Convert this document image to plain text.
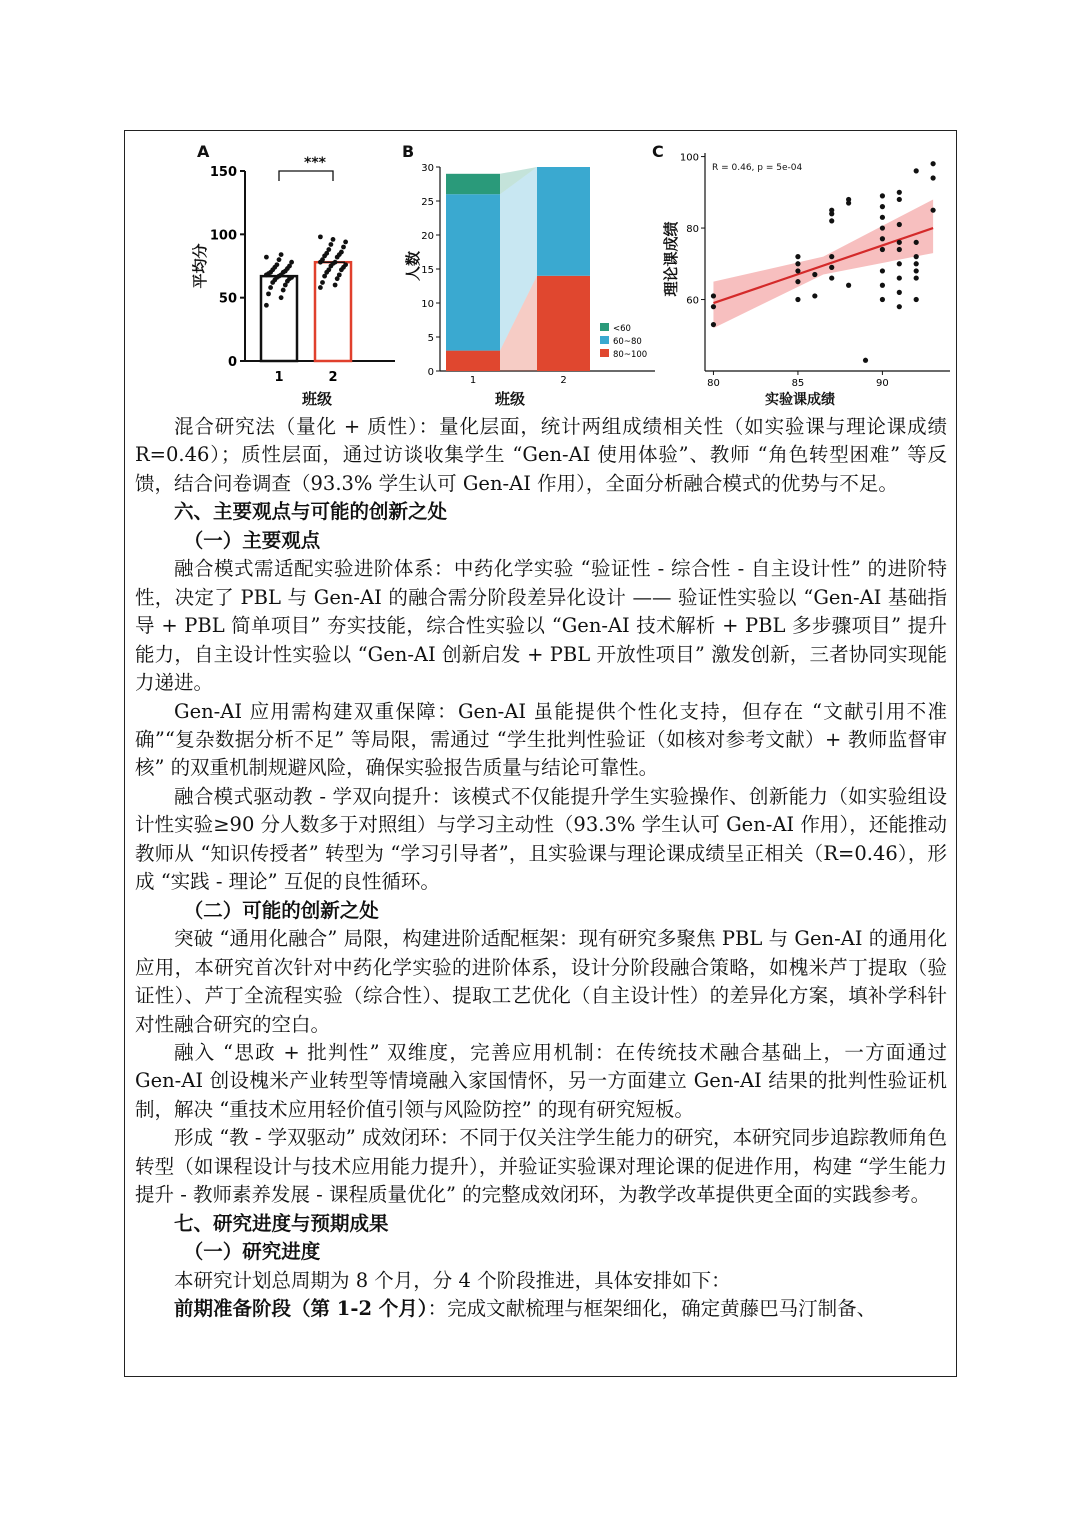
A
***
平均分
班级
0
50
100
150
1	2
B
人数
班级
0
5
10
15
20
25
30
1	2
<60
60~80
80~100
C
R = 0.46, p = 5e-04
理论课成绩
实验课成绩
60
80
100
80	85	90

混合研究法（量化 + 质性）：量化层面，统计两组成绩相关性（如实验课与理论课成绩 R=0.46）；质性层面，通过访谈收集学生 “Gen-AI 使用体验”、教师 “角色转型困难” 等反馈，结合问卷调查（93.3% 学生认可 Gen-AI 作用），全面分析融合模式的优势与不足。

六、主要观点与可能的创新之处

（一）主要观点

融合模式需适配实验进阶体系：中药化学实验 “验证性 - 综合性 - 自主设计性” 的进阶特性，决定了 PBL 与 Gen-AI 的融合需分阶段差异化设计 —— 验证性实验以 “Gen-AI 基础指导 + PBL 简单项目” 夯实技能，综合性实验以 “Gen-AI 技术解析 + PBL 多步骤项目” 提升能力，自主设计性实验以 “Gen-AI 创新启发 + PBL 开放性项目” 激发创新，三者协同实现能力递进。

Gen-AI 应用需构建双重保障：Gen-AI 虽能提供个性化支持，但存在 “文献引用不准确”“复杂数据分析不足” 等局限，需通过 “学生批判性验证（如核对参考文献）+ 教师监督审核” 的双重机制规避风险，确保实验报告质量与结论可靠性。

融合模式驱动教 - 学双向提升：该模式不仅能提升学生实验操作、创新能力（如实验组设计性实验≥90 分人数多于对照组）与学习主动性（93.3% 学生认可 Gen-AI 作用），还能推动教师从 “知识传授者” 转型为 “学习引导者”，且实验课与理论课成绩呈正相关（R=0.46），形成 “实践 - 理论” 互促的良性循环。

（二）可能的创新之处

突破 “通用化融合” 局限，构建进阶适配框架：现有研究多聚焦 PBL 与 Gen-AI 的通用化应用，本研究首次针对中药化学实验的进阶体系，设计分阶段融合策略，如槐米芦丁提取（验证性）、芦丁全流程实验（综合性）、提取工艺优化（自主设计性）的差异化方案，填补学科针对性融合研究的空白。

融入 “思政 + 批判性” 双维度，完善应用机制：在传统技术融合基础上，一方面通过 Gen-AI 创设槐米产业转型等情境融入家国情怀，另一方面建立 Gen-AI 结果的批判性验证机制，解决 “重技术应用轻价值引领与风险防控” 的现有研究短板。

形成 “教 - 学双驱动” 成效闭环：不同于仅关注学生能力的研究，本研究同步追踪教师角色转型（如课程设计与技术应用能力提升），并验证实验课对理论课的促进作用，构建 “学生能力提升 - 教师素养发展 - 课程质量优化” 的完整成效闭环，为教学改革提供更全面的实践参考。

七、研究进度与预期成果

（一）研究进度

本研究计划总周期为 8 个月，分 4 个阶段推进，具体安排如下：

前期准备阶段（第 1-2 个月）：完成文献梳理与框架细化，确定黄藤巴马汀制备、
